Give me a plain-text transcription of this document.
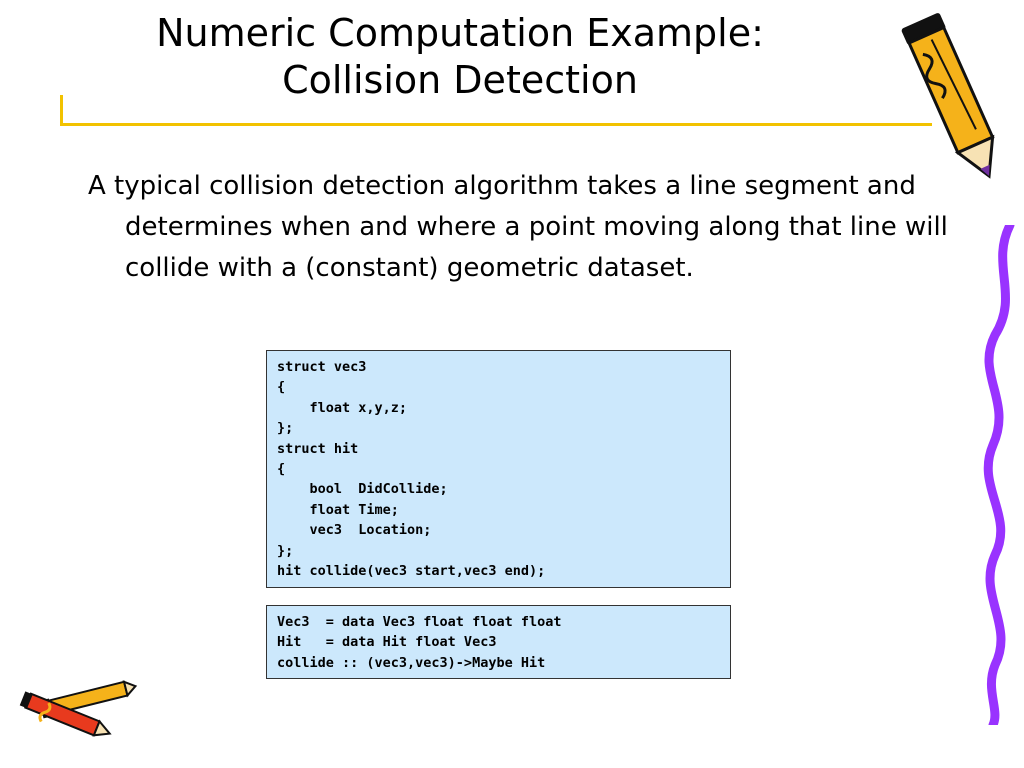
Numeric Computation Example:
Collision Detection
A typical collision detection algorithm takes a line segment and determines when and where a point moving along that line will collide with a (constant) geometric dataset.
struct vec3
{
float x,y,z;
};
struct hit
{
bool  DidCollide;
float Time;
vec3  Location;
};
hit collide(vec3 start,vec3 end);
Vec3  = data Vec3 float float float
Hit   = data Hit float Vec3
collide :: (vec3,vec3)->Maybe Hit
